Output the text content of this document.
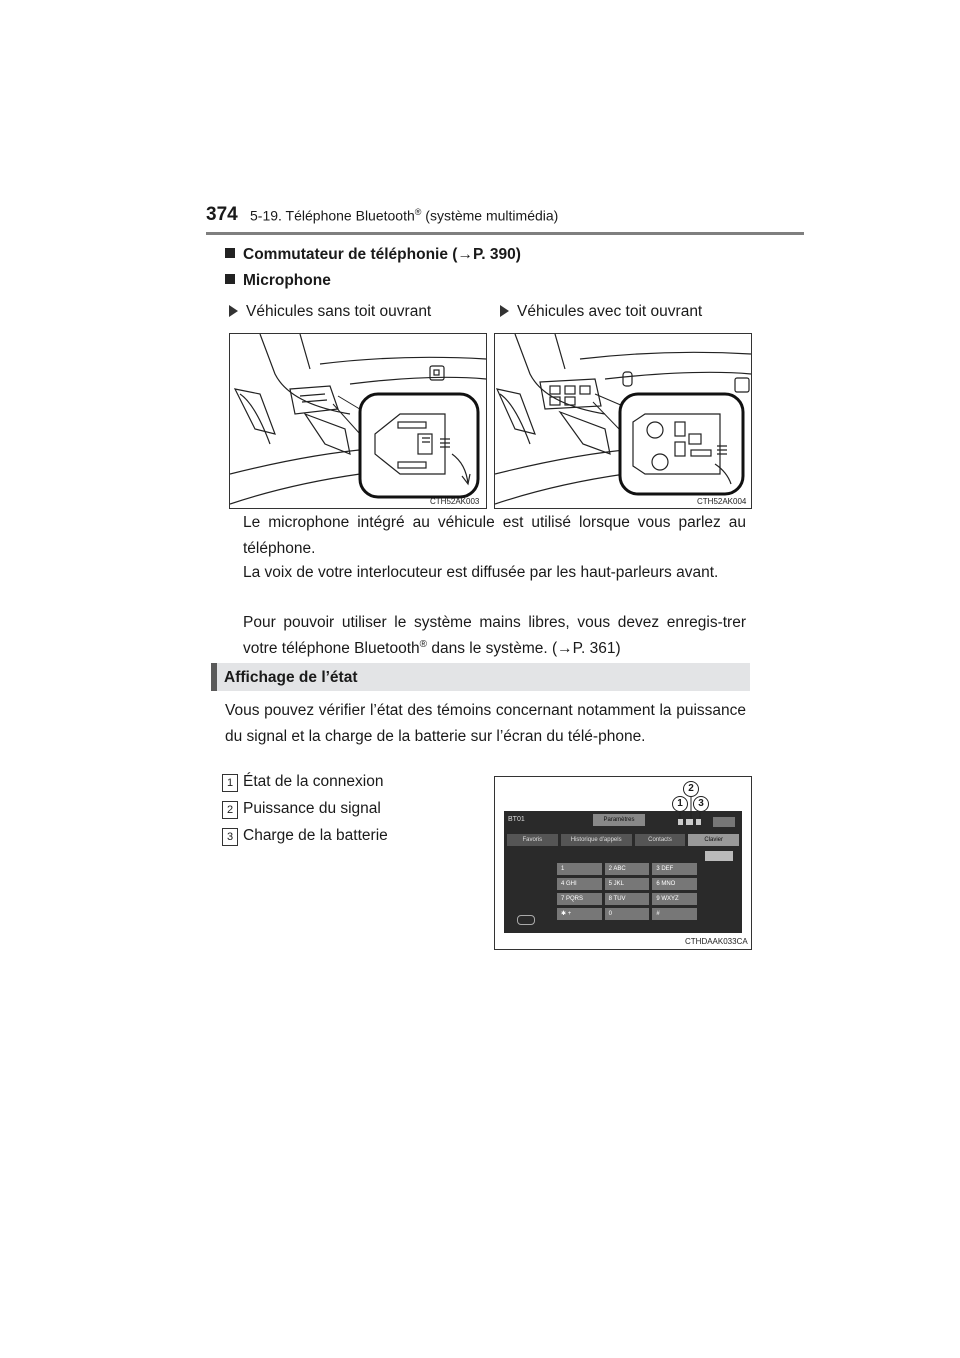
374 5-19. Téléphone Bluetooth® (système multimédia)
Commutateur de téléphonie (→P. 390)
Microphone
Véhicules sans toit ouvrant	Véhicules avec toit ouvrant
CTH52AK003	CTH52AK004
Le microphone intégré au véhicule est utilisé lorsque vous parlez au téléphone.
La voix de votre interlocuteur est diffusée par les haut-parleurs avant.
Pour pouvoir utiliser le système mains libres, vous devez enregis-trer votre téléphone Bluetooth® dans le système. (→P. 361)
Affichage de l’état
Vous pouvez vérifier l’état des témoins concernant notamment la puissance du signal et la charge de la batterie sur l’écran du télé-phone.
1 État de la connexion
2 Puissance du signal
3 Charge de la batterie
BT01	Paramètres
Favoris	Historique d'appels	Contacts	Clavier
1	2 ABC	3 DEF
4 GHI	5 JKL	6 MNO
7 PQRS	8 TUV	9 WXYZ
✱ +	0	#
2
1	3
CTHDAAK033CA
